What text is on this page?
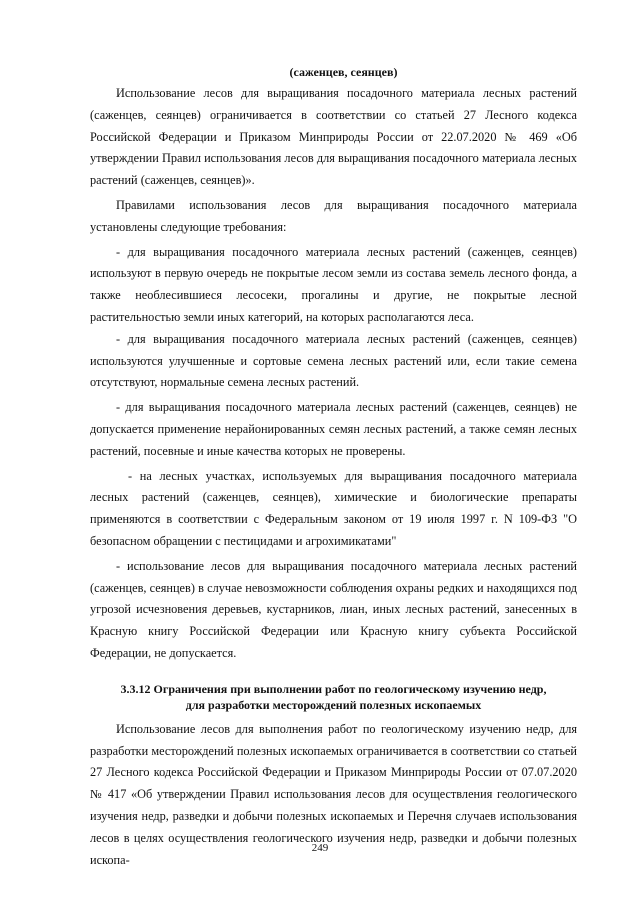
(саженцев, сеянцев)

Использование лесов для выращивания посадочного материала лесных растений (саженцев, сеянцев) ограничивается в соответствии со статьей 27 Лесного кодекса Российской Федерации и Приказом Минприроды России от 22.07.2020 № 469 «Об утверждении Правил использования лесов для выращивания посадочного материала лесных растений (саженцев, сеянцев)».

Правилами использования лесов для выращивания посадочного материала установлены следующие требования:

- для выращивания посадочного материала лесных растений (саженцев, сеянцев) используют в первую очередь не покрытые лесом земли из состава земель лесного фонда, а также необлесившиеся лесосеки, прогалины и другие, не покрытые лесной растительностью земли иных категорий, на которых располагаются леса.

- для выращивания посадочного материала лесных растений (саженцев, сеянцев) используются улучшенные и сортовые семена лесных растений или, если такие семена отсутствуют, нормальные семена лесных растений.

- для выращивания посадочного материала лесных растений (саженцев, сеянцев) не допускается применение нерайонированных семян лесных растений, а также семян лесных растений, посевные и иные качества которых не проверены.

- на лесных участках, используемых для выращивания посадочного материала лесных растений (саженцев, сеянцев), химические и биологические препараты применяются в соответствии с Федеральным законом от 19 июля 1997 г. N 109-ФЗ "О безопасном обращении с пестицидами и агрохимикатами"

- использование лесов для выращивания посадочного материала лесных растений (саженцев, сеянцев) в случае невозможности соблюдения охраны редких и находящихся под угрозой исчезновения деревьев, кустарников, лиан, иных лесных растений, занесенных в Красную книгу Российской Федерации или Красную книгу субъекта Российской Федерации, не допускается.

3.3.12 Ограничения при выполнении работ по геологическому изучению недр,
для разработки месторождений полезных ископаемых

Использование лесов для выполнения работ по геологическому изучению недр, для разработки месторождений полезных ископаемых ограничивается в соответствии со статьей 27 Лесного кодекса Российской Федерации и Приказом Минприроды России от 07.07.2020 № 417 «Об утверждении Правил использования лесов для осуществления геологического изучения недр, разведки и добычи полезных ископаемых и Перечня случаев использования лесов в целях осуществления геологического изучения недр, разведки и добычи полезных ископа-

249
